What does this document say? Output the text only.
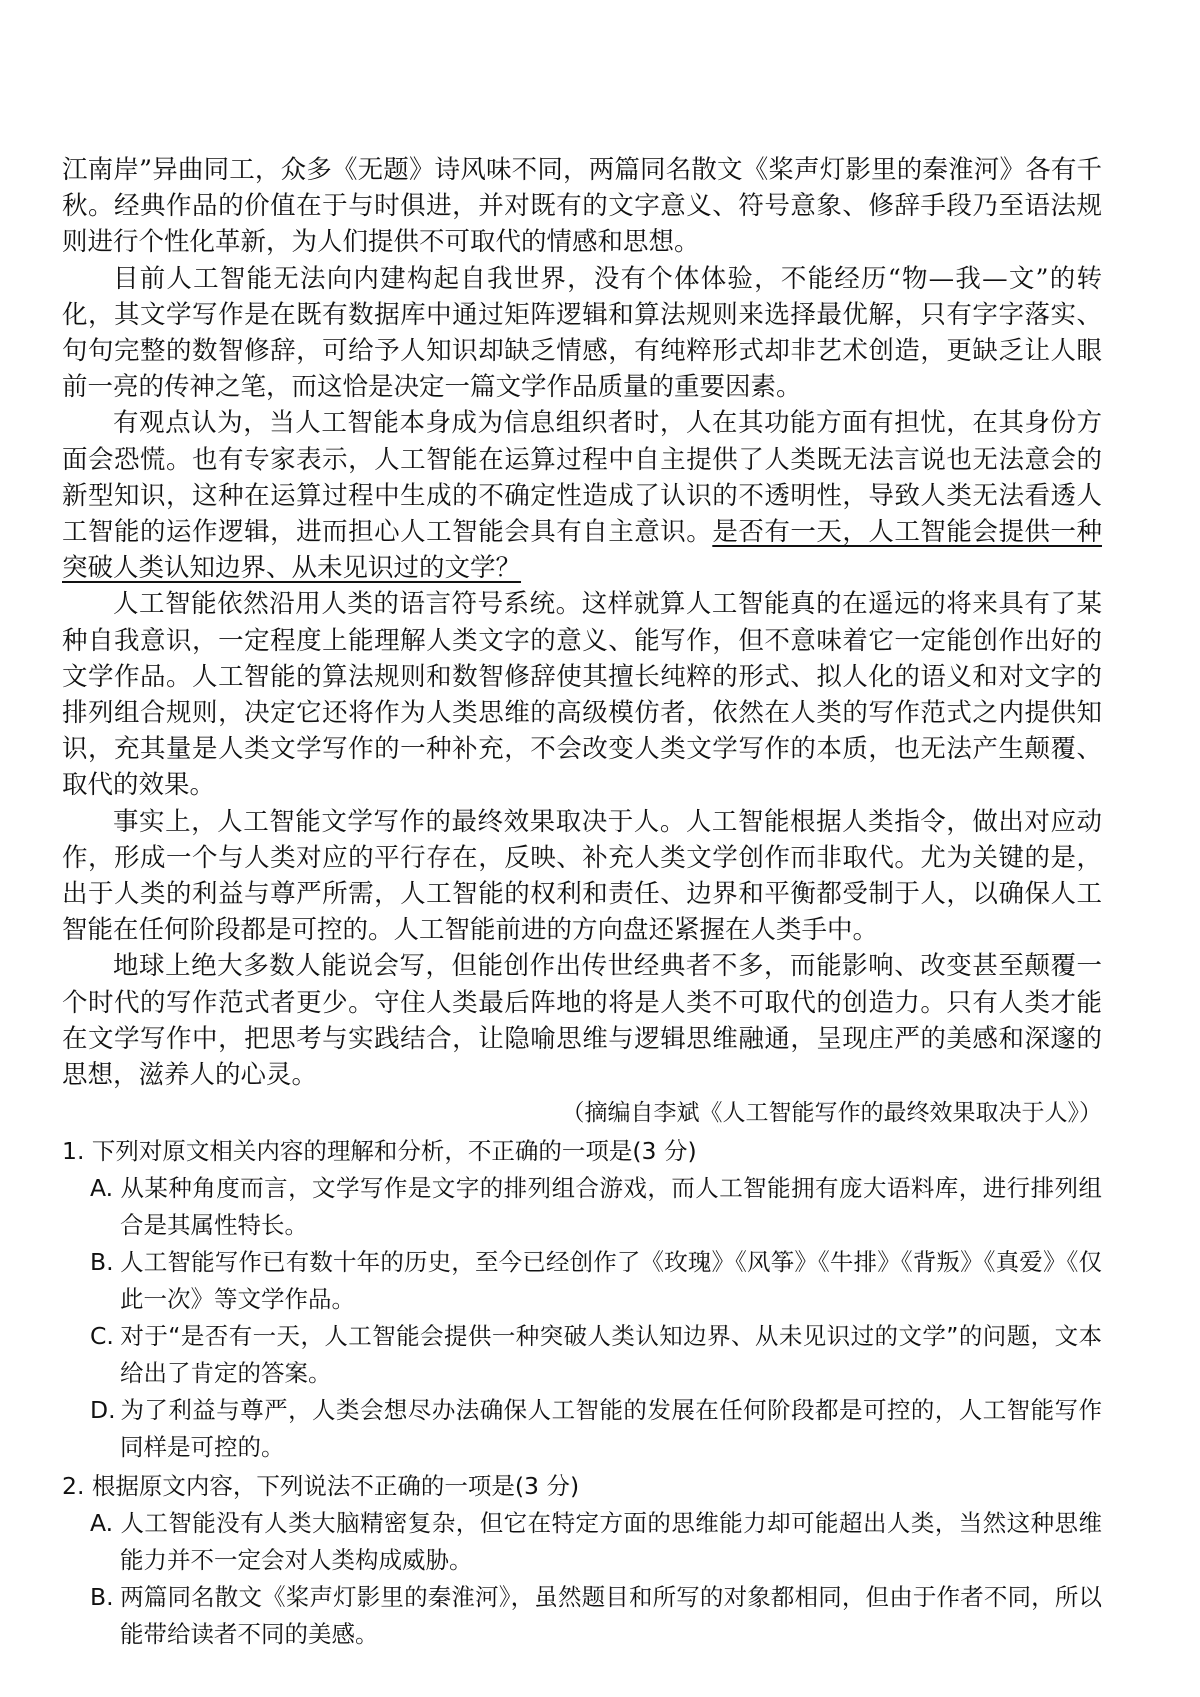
江南岸”异曲同工，众多《无题》诗风味不同，两篇同名散文《桨声灯影里的秦淮河》各有千秋。经典作品的价值在于与时俱进，并对既有的文字意义、符号意象、修辞手段乃至语法规则进行个性化革新，为人们提供不可取代的情感和思想。

目前人工智能无法向内建构起自我世界，没有个体体验，不能经历“物—我—文”的转化，其文学写作是在既有数据库中通过矩阵逻辑和算法规则来选择最优解，只有字字落实、句句完整的数智修辞，可给予人知识却缺乏情感，有纯粹形式却非艺术创造，更缺乏让人眼前一亮的传神之笔，而这恰是决定一篇文学作品质量的重要因素。

有观点认为，当人工智能本身成为信息组织者时，人在其功能方面有担忧，在其身份方面会恐慌。也有专家表示，人工智能在运算过程中自主提供了人类既无法言说也无法意会的新型知识，这种在运算过程中生成的不确定性造成了认识的不透明性，导致人类无法看透人工智能的运作逻辑，进而担心人工智能会具有自主意识。是否有一天，人工智能会提供一种突破人类认知边界、从未见识过的文学？

人工智能依然沿用人类的语言符号系统。这样就算人工智能真的在遥远的将来具有了某种自我意识，一定程度上能理解人类文字的意义、能写作，但不意味着它一定能创作出好的文学作品。人工智能的算法规则和数智修辞使其擅长纯粹的形式、拟人化的语义和对文字的排列组合规则，决定它还将作为人类思维的高级模仿者，依然在人类的写作范式之内提供知识，充其量是人类文学写作的一种补充，不会改变人类文学写作的本质，也无法产生颠覆、取代的效果。

事实上，人工智能文学写作的最终效果取决于人。人工智能根据人类指令，做出对应动作，形成一个与人类对应的平行存在，反映、补充人类文学创作而非取代。尤为关键的是，出于人类的利益与尊严所需，人工智能的权利和责任、边界和平衡都受制于人，以确保人工智能在任何阶段都是可控的。人工智能前进的方向盘还紧握在人类手中。

地球上绝大多数人能说会写，但能创作出传世经典者不多，而能影响、改变甚至颠覆一个时代的写作范式者更少。守住人类最后阵地的将是人类不可取代的创造力。只有人类才能在文学写作中，把思考与实践结合，让隐喻思维与逻辑思维融通，呈现庄严的美感和深邃的思想，滋养人的心灵。

（摘编自李斌《人工智能写作的最终效果取决于人》）

1. 下列对原文相关内容的理解和分析，不正确的一项是(3 分)

A. 从某种角度而言，文学写作是文字的排列组合游戏，而人工智能拥有庞大语料库，进行排列组合是其属性特长。

B. 人工智能写作已有数十年的历史，至今已经创作了《玫瑰》《风筝》《牛排》《背叛》《真爱》《仅此一次》等文学作品。

C. 对于“是否有一天，人工智能会提供一种突破人类认知边界、从未见识过的文学”的问题，文本给出了肯定的答案。

D. 为了利益与尊严，人类会想尽办法确保人工智能的发展在任何阶段都是可控的，人工智能写作同样是可控的。

2. 根据原文内容，下列说法不正确的一项是(3 分)

A. 人工智能没有人类大脑精密复杂，但它在特定方面的思维能力却可能超出人类，当然这种思维能力并不一定会对人类构成威胁。

B. 两篇同名散文《桨声灯影里的秦淮河》，虽然题目和所写的对象都相同，但由于作者不同，所以能带给读者不同的美感。
